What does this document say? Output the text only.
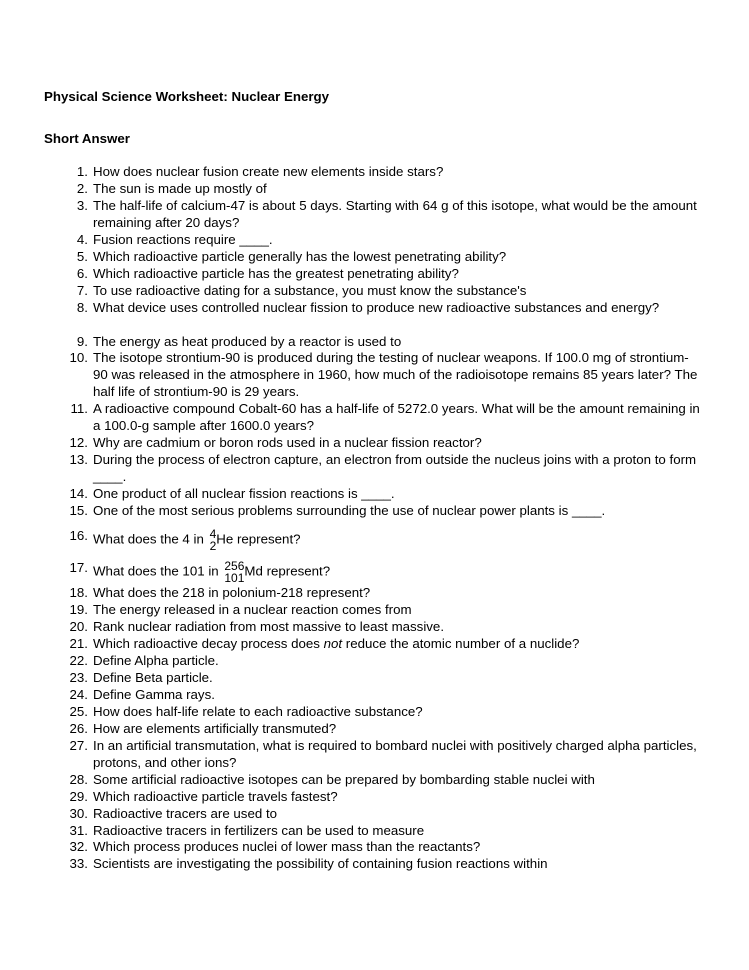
Physical Science Worksheet: Nuclear Energy
Short Answer
1. How does nuclear fusion create new elements inside stars?
2. The sun is made up mostly of
3. The half-life of calcium-47 is about 5 days. Starting with 64 g of this isotope, what would be the amount remaining after 20 days?
4. Fusion reactions require ____.
5. Which radioactive particle generally has the lowest penetrating ability?
6. Which radioactive particle has the greatest penetrating ability?
7. To use radioactive dating for a substance, you must know the substance's
8. What device uses controlled nuclear fission to produce new radioactive substances and energy?
9. The energy as heat produced by a reactor is used to
10. The isotope strontium-90 is produced during the testing of nuclear weapons. If 100.0 mg of strontium-90 was released in the atmosphere in 1960, how much of the radioisotope remains 85 years later? The half life of strontium-90 is 29 years.
11. A radioactive compound Cobalt-60 has a half-life of 5272.0 years. What will be the amount remaining in a 100.0-g sample after 1600.0 years?
12. Why are cadmium or boron rods used in a nuclear fission reactor?
13. During the process of electron capture, an electron from outside the nucleus joins with a proton to form ____.
14. One product of all nuclear fission reactions is ____.
15. One of the most serious problems surrounding the use of nuclear power plants is ____.
16. What does the 4 in 4
2 He represent?
17. What does the 101 in 256
101 Md represent?
18. What does the 218 in polonium-218 represent?
19. The energy released in a nuclear reaction comes from
20. Rank nuclear radiation from most massive to least massive.
21. Which radioactive decay process does not reduce the atomic number of a nuclide?
22. Define Alpha particle.
23. Define Beta particle.
24. Define Gamma rays.
25. How does half-life relate to each radioactive substance?
26. How are elements artificially transmuted?
27. In an artificial transmutation, what is required to bombard nuclei with positively charged alpha particles, protons, and other ions?
28. Some artificial radioactive isotopes can be prepared by bombarding stable nuclei with
29. Which radioactive particle travels fastest?
30. Radioactive tracers are used to
31. Radioactive tracers in fertilizers can be used to measure
32. Which process produces nuclei of lower mass than the reactants?
33. Scientists are investigating the possibility of containing fusion reactions within
